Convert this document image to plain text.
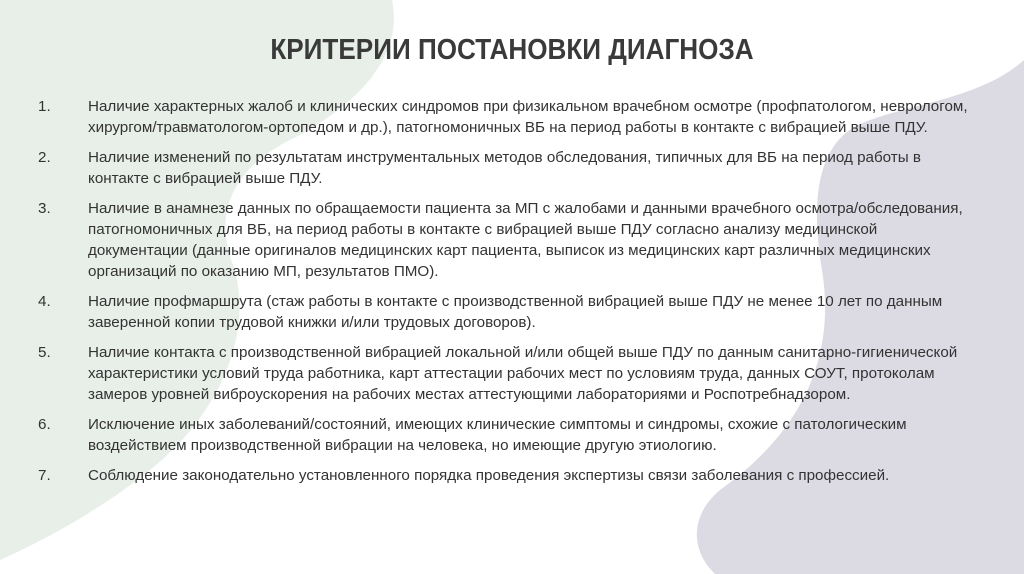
КРИТЕРИИ ПОСТАНОВКИ ДИАГНОЗА
1.	Наличие характерных жалоб и клинических синдромов при физикальном врачебном осмотре (профпатологом, неврологом, хирургом/травматологом-ортопедом и др.), патогномоничных ВБ на период работы в контакте с вибрацией выше ПДУ.
2.	Наличие изменений по результатам инструментальных методов обследования, типичных для ВБ на период работы в контакте с вибрацией выше ПДУ.
3.	Наличие в анамнезе данных по обращаемости пациента за МП с жалобами и данными врачебного осмотра/обследования, патогномоничных для ВБ, на период работы в контакте с вибрацией выше ПДУ согласно анализу медицинской документации (данные оригиналов медицинских карт пациента, выписок из медицинских карт различных медицинских организаций по оказанию МП, результатов ПМО).
4.	Наличие профмаршрута (стаж работы в контакте с производственной вибрацией выше ПДУ не менее 10 лет по данным заверенной копии трудовой книжки и/или трудовых договоров).
5.	Наличие контакта с производственной вибрацией локальной и/или общей выше ПДУ по данным санитарно-гигиенической характеристики условий труда работника, карт аттестации рабочих мест по условиям труда, данных СОУТ, протоколам замеров уровней виброускорения на рабочих местах аттестующими лабораториями и Роспотребнадзором.
6.	Исключение иных заболеваний/состояний, имеющих клинические симптомы и синдромы, схожие с патологическим воздействием производственной вибрации на человека, но имеющие другую этиологию.
7.	Соблюдение законодательно установленного порядка проведения экспертизы связи заболевания с профессией.
